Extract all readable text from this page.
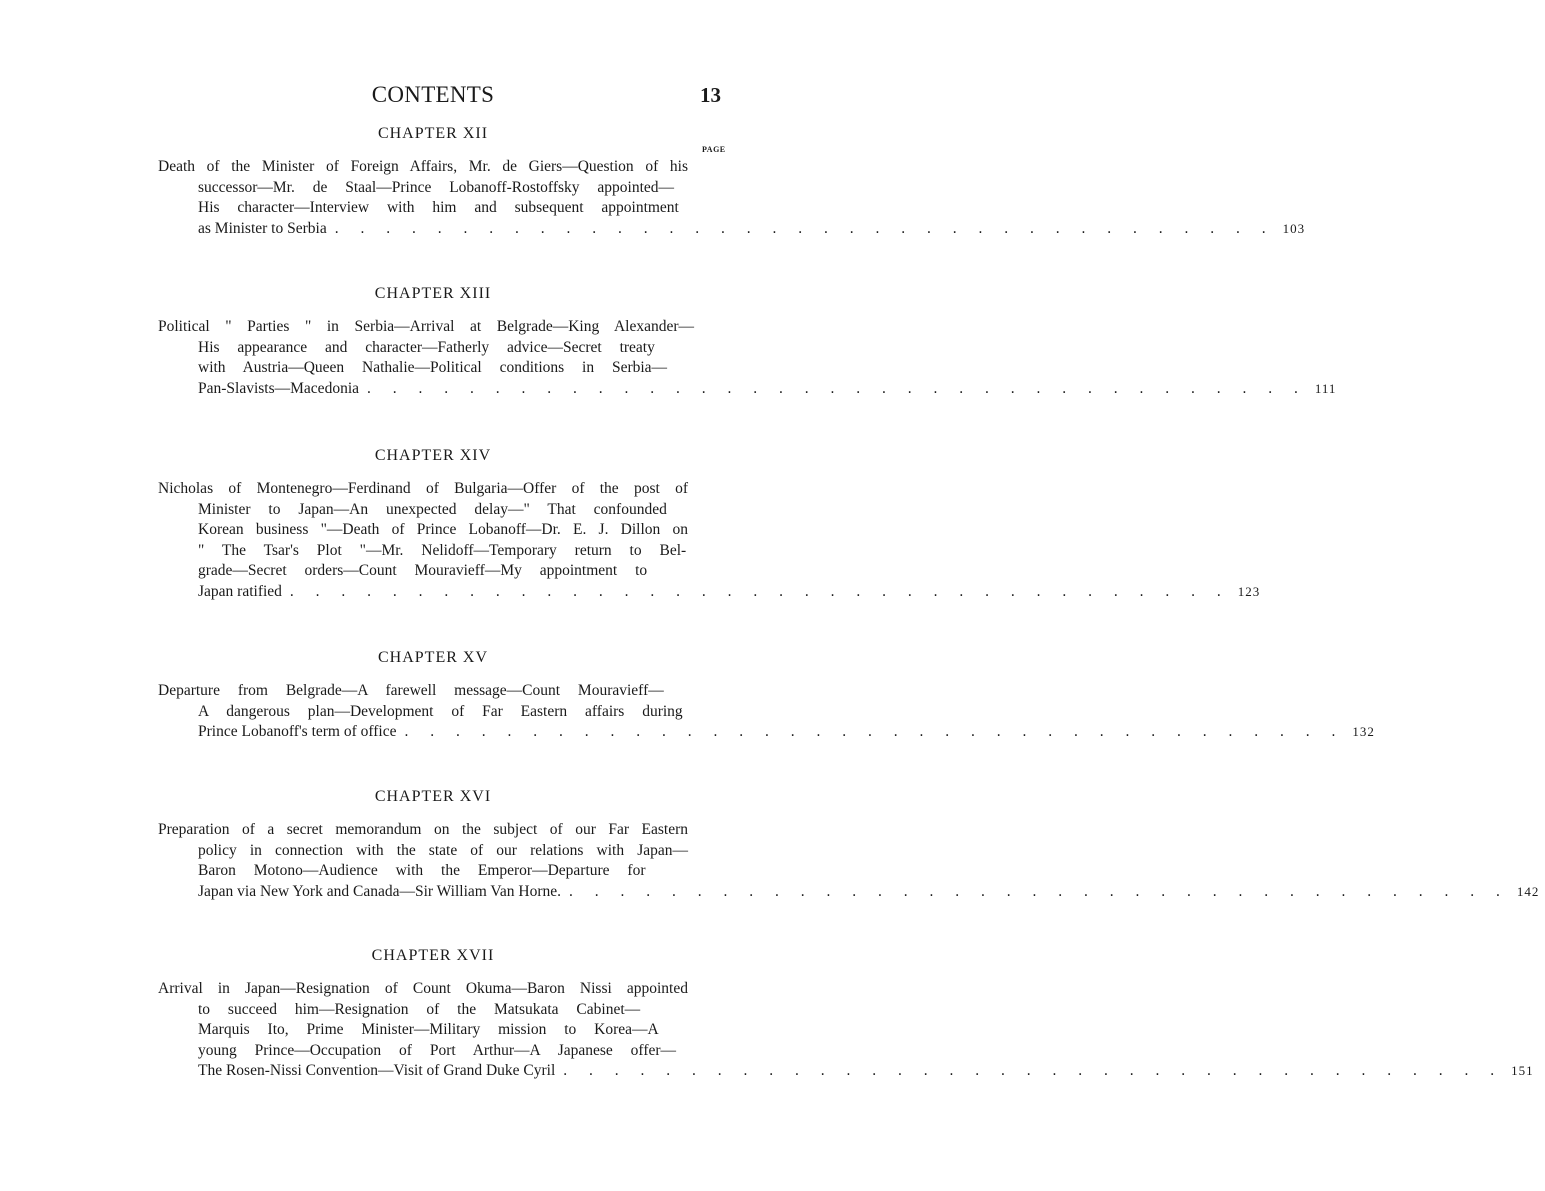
CONTENTS	13
PAGE
CHAPTER XII
Death of the Minister of Foreign Affairs, Mr. de Giers—Question of his
successor—Mr. de Staal—Prince Lobanoff-Rostoffsky appointed—
His character—Interview with him and subsequent appointment
as Minister to Serbia . . . . . . . . . . . . . . . . . . . . . . . . . . . . . . . . . . . . . 103
CHAPTER XIII
Political " Parties " in Serbia—Arrival at Belgrade—King Alexander—
His appearance and character—Fatherly advice—Secret treaty
with Austria—Queen Nathalie—Political conditions in Serbia—
Pan-Slavists—Macedonia . . . . . . . . . . . . . . . . . . . . . . . . . . . . . . . . . . . . . 111
CHAPTER XIV
Nicholas of Montenegro—Ferdinand of Bulgaria—Offer of the post of
Minister to Japan—An unexpected delay—" That confounded
Korean business "—Death of Prince Lobanoff—Dr. E. J. Dillon on
" The Tsar's Plot "—Mr. Nelidoff—Temporary return to Bel-
grade—Secret orders—Count Mouravieff—My appointment to
Japan ratified . . . . . . . . . . . . . . . . . . . . . . . . . . . . . . . . . . . . . 123
CHAPTER XV
Departure from Belgrade—A farewell message—Count Mouravieff—
A dangerous plan—Development of Far Eastern affairs during
Prince Lobanoff's term of office . . . . . . . . . . . . . . . . . . . . . . . . . . . . . . . . . . . . . 132
CHAPTER XVI
Preparation of a secret memorandum on the subject of our Far Eastern
policy in connection with the state of our relations with Japan—
Baron Motono—Audience with the Emperor—Departure for
Japan via New York and Canada—Sir William Van Horne. . . . . . . . . . . . . . . . . . . . . . . . . . . . . . . . . . . . . . 142
CHAPTER XVII
Arrival in Japan—Resignation of Count Okuma—Baron Nissi appointed
to succeed him—Resignation of the Matsukata Cabinet—
Marquis Ito, Prime Minister—Military mission to Korea—A
young Prince—Occupation of Port Arthur—A Japanese offer—
The Rosen-Nissi Convention—Visit of Grand Duke Cyril . . . . . . . . . . . . . . . . . . . . . . . . . . . . . . . . . . . . . 151
